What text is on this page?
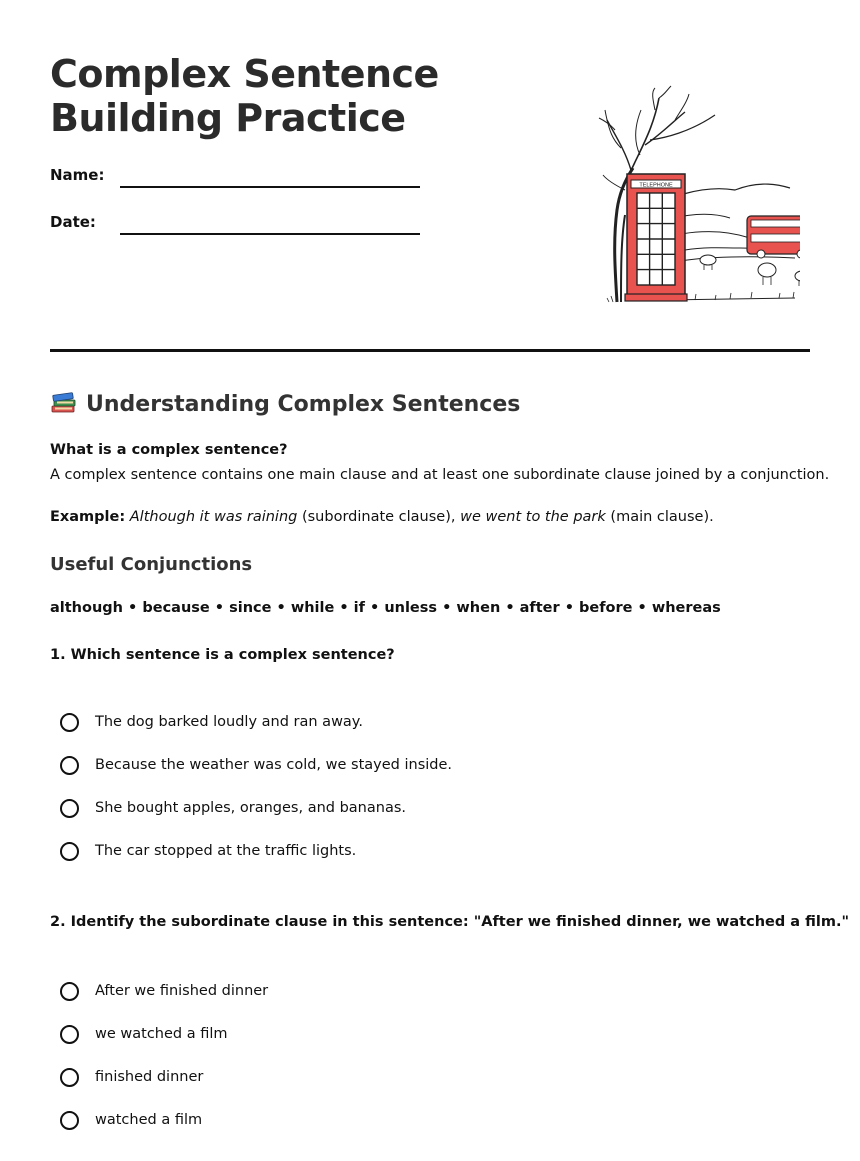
Complex Sentence
Building Practice
Name:
Date:
TELEPHONE
Understanding Complex Sentences
What is a complex sentence?
A complex sentence contains one main clause and at least one subordinate clause joined by a conjunction.
Example: Although it was raining (subordinate clause), we went to the park (main clause).
Useful Conjunctions
although • because • since • while • if • unless • when • after • before • whereas
1. Which sentence is a complex sentence?
The dog barked loudly and ran away.
Because the weather was cold, we stayed inside.
She bought apples, oranges, and bananas.
The car stopped at the traffic lights.
2. Identify the subordinate clause in this sentence: "After we finished dinner, we watched a film."
After we finished dinner
we watched a film
finished dinner
watched a film
